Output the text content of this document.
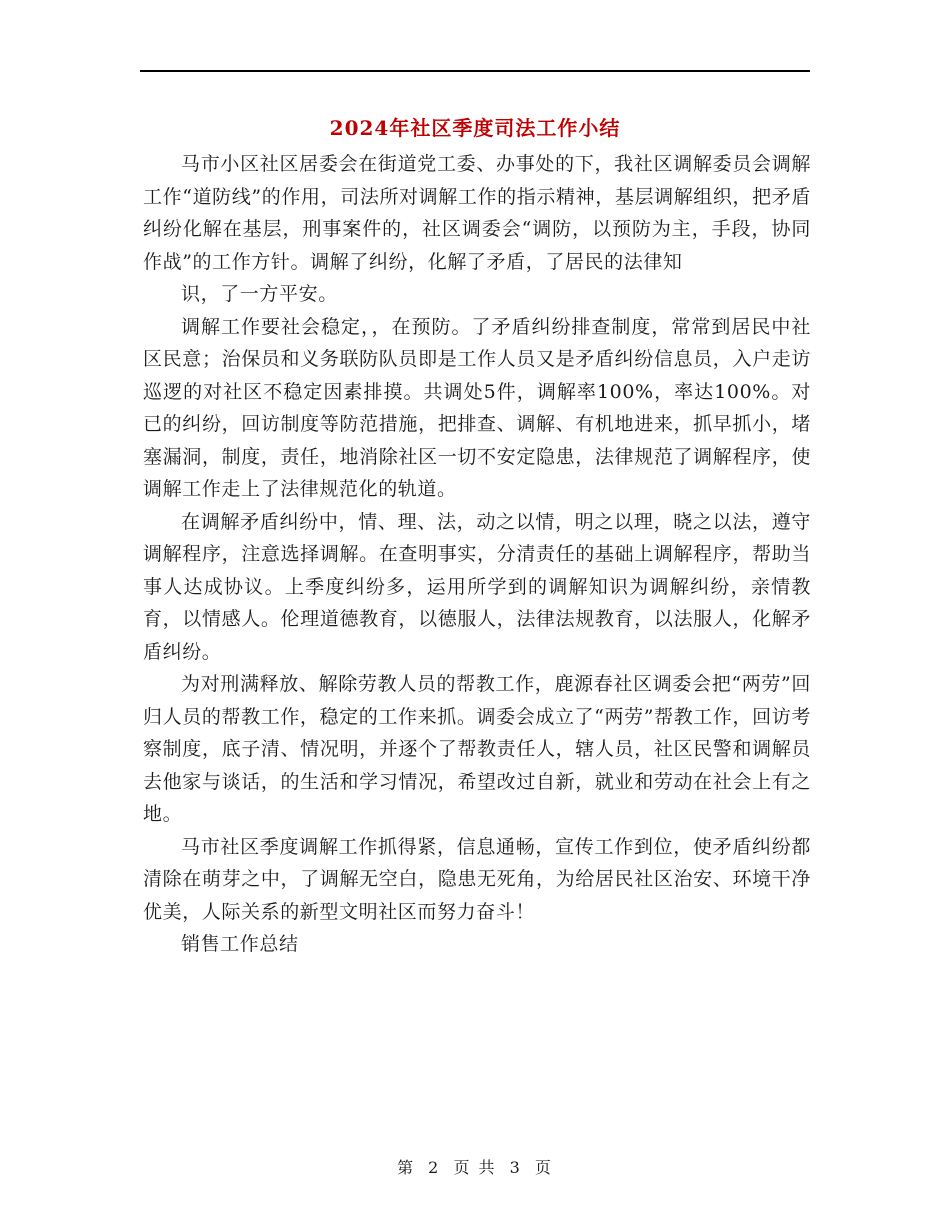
2024年社区季度司法工作小结

马市小区社区居委会在街道党工委、办事处的下，我社区调解委员会调解工作“道防线”的作用，司法所对调解工作的指示精神，基层调解组织，把矛盾纠纷化解在基层，刑事案件的，社区调委会“调防，以预防为主，手段，协同作战”的工作方针。调解了纠纷，化解了矛盾，了居民的法律知

识，了一方平安。

调解工作要社会稳定，，在预防。了矛盾纠纷排查制度，常常到居民中社区民意；治保员和义务联防队员即是工作人员又是矛盾纠纷信息员，入户走访巡逻的对社区不稳定因素排摸。共调处5件，调解率100%，率达100%。对已的纠纷，回访制度等防范措施，把排查、调解、有机地进来，抓早抓小，堵塞漏洞，制度，责任，地消除社区一切不安定隐患，法律规范了调解程序，使调解工作走上了法律规范化的轨道。

在调解矛盾纠纷中，情、理、法，动之以情，明之以理，晓之以法，遵守调解程序，注意选择调解。在查明事实，分清责任的基础上调解程序，帮助当事人达成协议。上季度纠纷多，运用所学到的调解知识为调解纠纷，亲情教育，以情感人。伦理道德教育，以德服人，法律法规教育，以法服人，化解矛盾纠纷。

为对刑满释放、解除劳教人员的帮教工作，鹿源春社区调委会把“两劳”回归人员的帮教工作，稳定的工作来抓。调委会成立了“两劳”帮教工作，回访考察制度，底子清、情况明，并逐个了帮教责任人，辖人员，社区民警和调解员去他家与谈话，的生活和学习情况，希望改过自新，就业和劳动在社会上有之地。

马市社区季度调解工作抓得紧，信息通畅，宣传工作到位，使矛盾纠纷都清除在萌芽之中，了调解无空白，隐患无死角，为给居民社区治安、环境干净优美，人际关系的新型文明社区而努力奋斗！

销售工作总结

第 2 页 共 3 页
